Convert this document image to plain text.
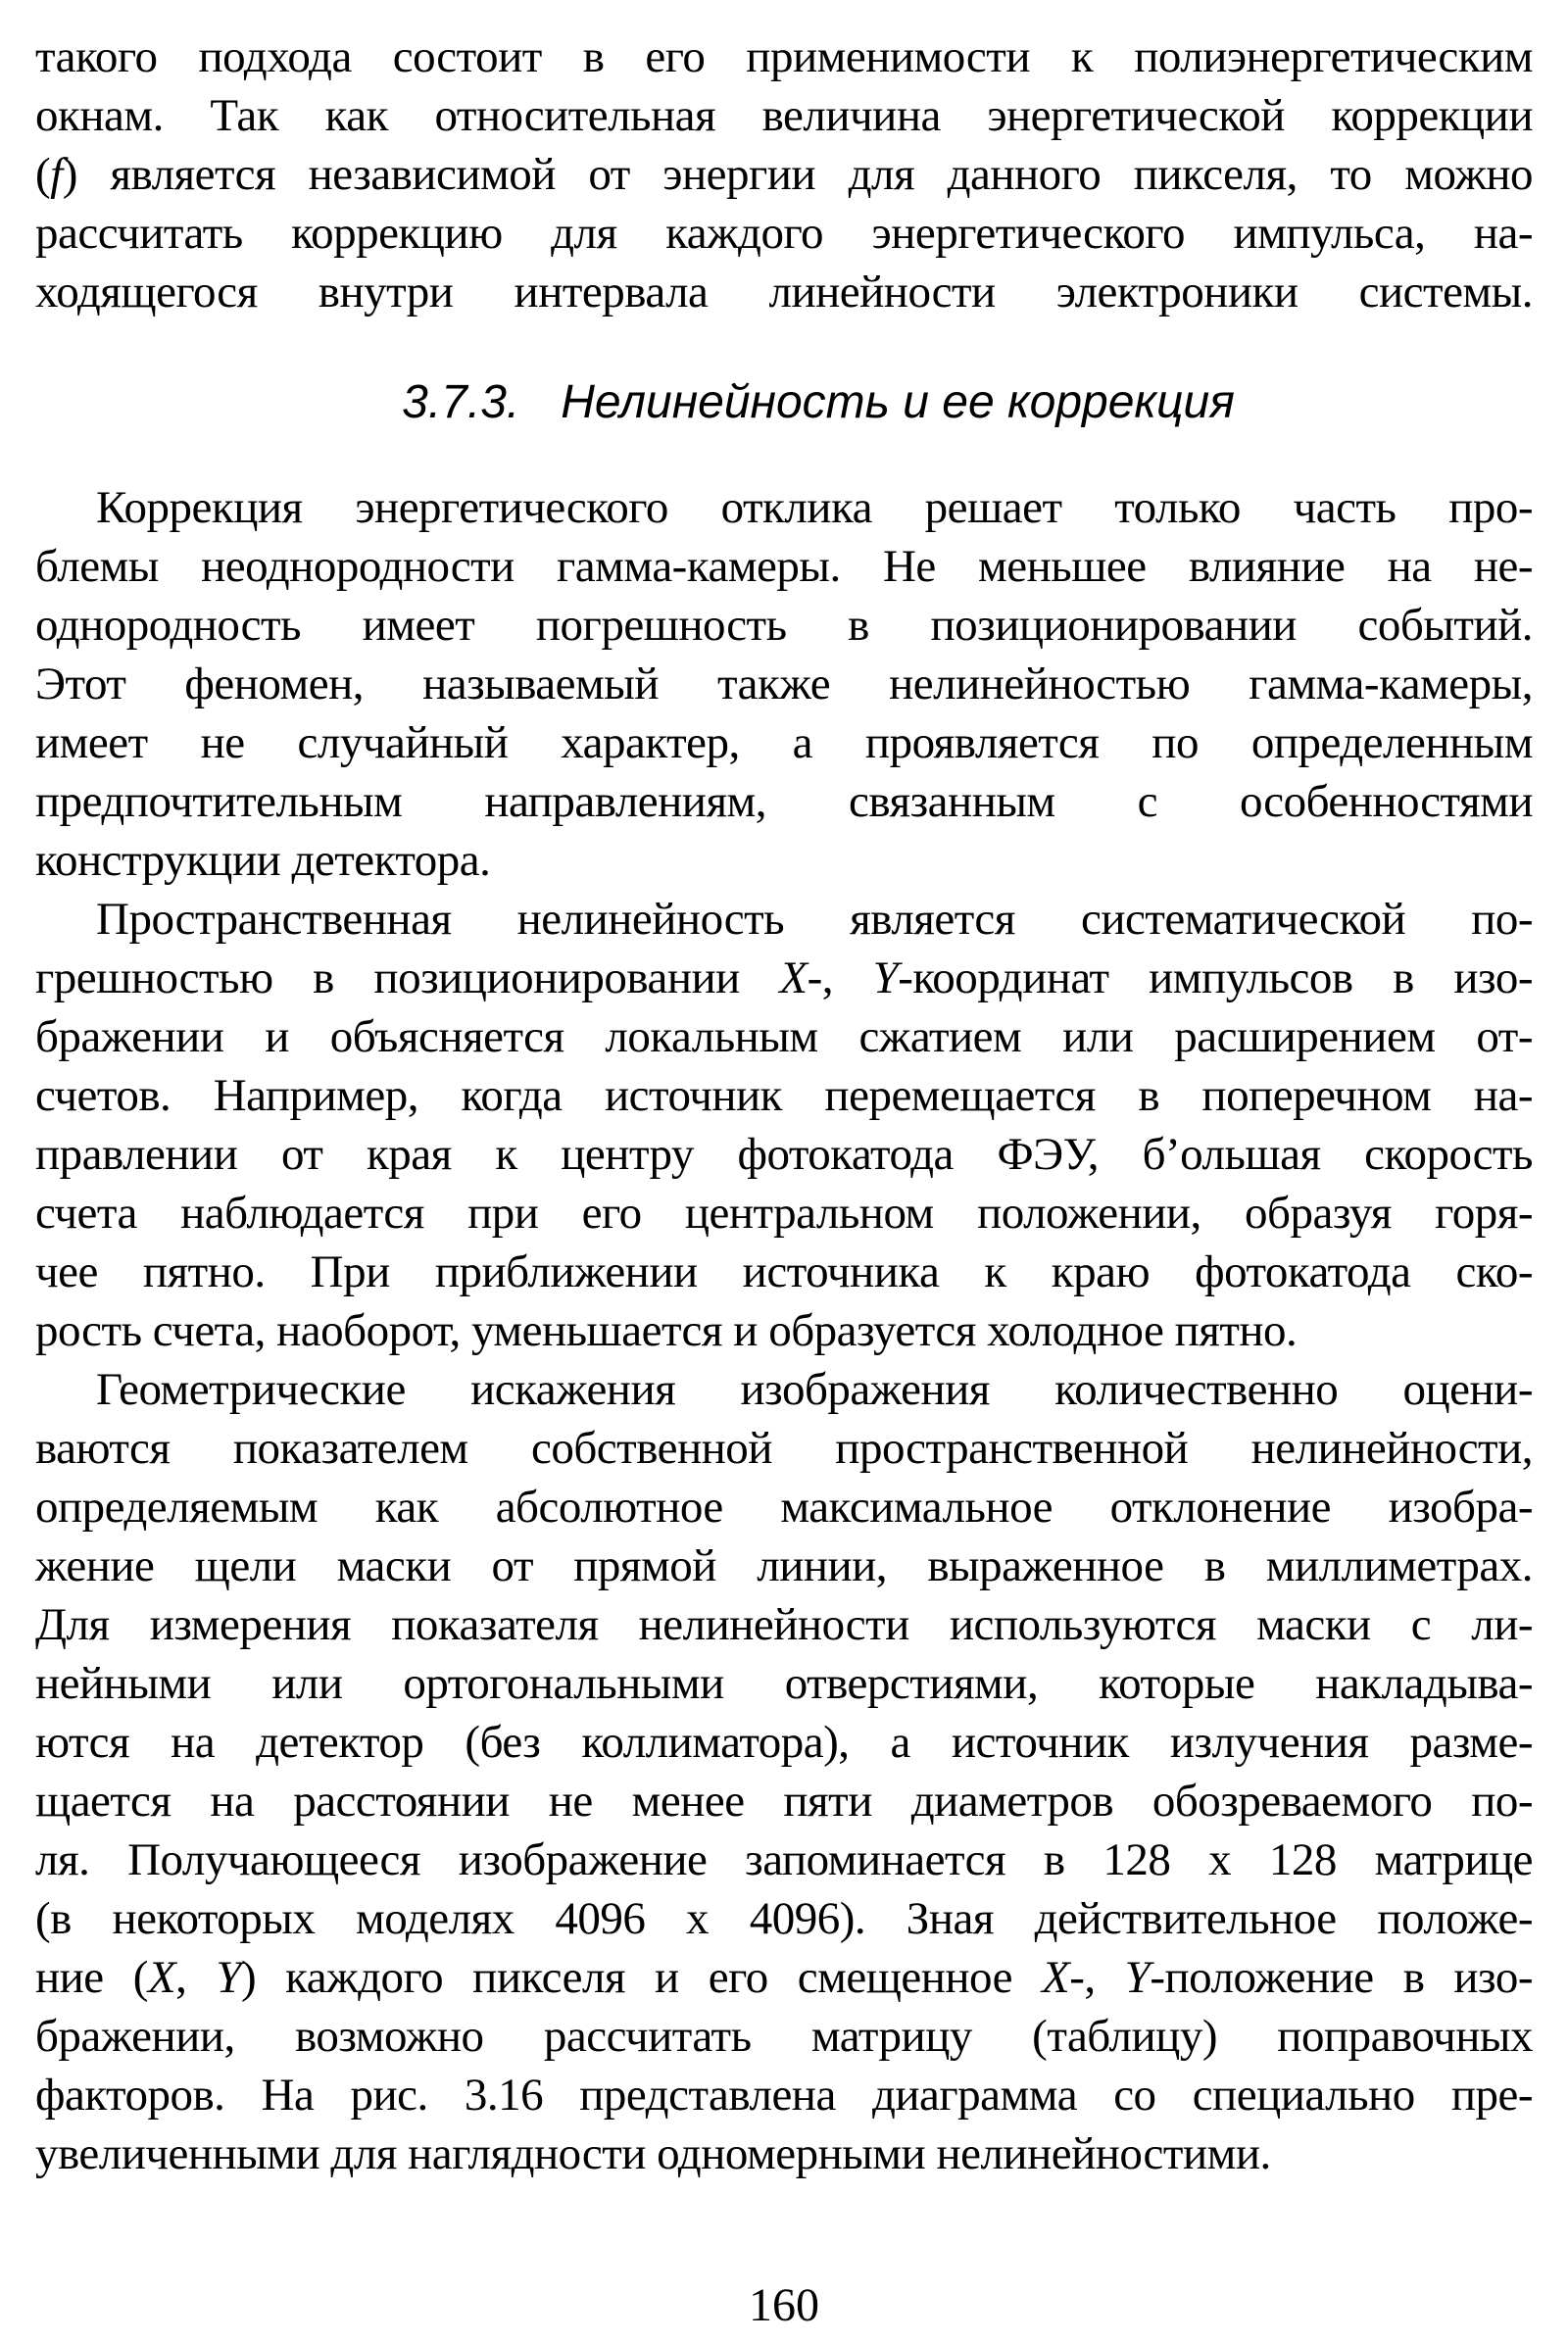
такого подхода состоит в его применимости к полиэнергетическим
окнам. Так как относительная величина энергетической коррекции
(f) является независимой от энергии для данного пикселя, то можно
рассчитать коррекцию для каждого энергетического импульса, на-
ходящегося внутри интервала линейности электроники системы.
3.7.3. Нелинейность и ее коррекция
Коррекция энергетического отклика решает только часть про-
блемы неоднородности гамма-камеры. Не меньшее влияние на не-
однородность имеет погрешность в позиционировании событий.
Этот феномен, называемый также нелинейностью гамма-камеры,
имеет не случайный характер, а проявляется по определенным
предпочтительным направлениям, связанным с особенностями
конструкции детектора.
Пространственная нелинейность является систематической по-
грешностью в позиционировании X-, Y-координат импульсов в изо-
бражении и объясняется локальным сжатием или расширением от-
счетов. Например, когда источник перемещается в поперечном на-
правлении от края к центру фотокатода ФЭУ, б’ольшая скорость
счета наблюдается при его центральном положении, образуя горя-
чее пятно. При приближении источника к краю фотокатода ско-
рость счета, наоборот, уменьшается и образуется холодное пятно.
Геометрические искажения изображения количественно оцени-
ваются показателем собственной пространственной нелинейности,
определяемым как абсолютное максимальное отклонение изобра-
жение щели маски от прямой линии, выраженное в миллиметрах.
Для измерения показателя нелинейности используются маски с ли-
нейными или ортогональными отверстиями, которые накладыва-
ются на детектор (без коллиматора), а источник излучения разме-
щается на расстоянии не менее пяти диаметров обозреваемого по-
ля. Получающееся изображение запоминается в 128 х 128 матрице
(в некоторых моделях 4096 х 4096). Зная действительное положе-
ние (X, Y) каждого пикселя и его смещенное X-, Y-положение в изо-
бражении, возможно рассчитать матрицу (таблицу) поправочных
факторов. На рис. 3.16 представлена диаграмма со специально пре-
увеличенными для наглядности одномерными нелинейностими.
160
